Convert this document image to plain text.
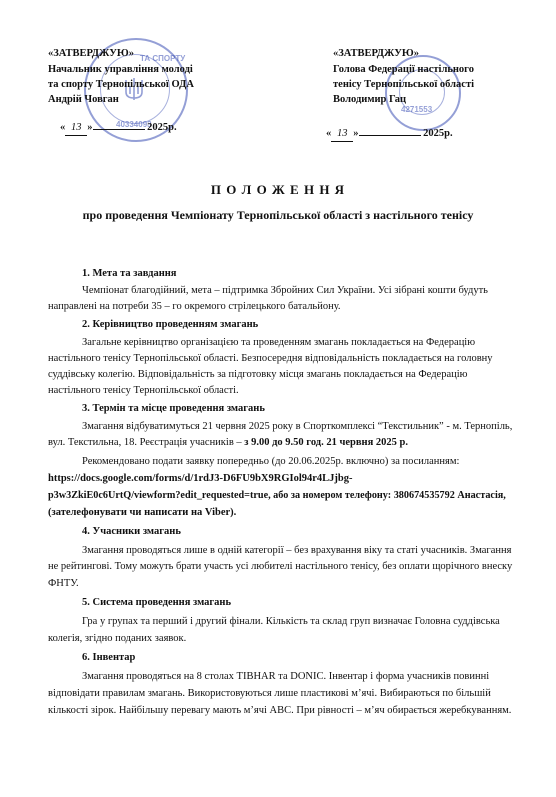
40334093
ТА СПОРТУ
4271553
«ЗАТВЕРДЖУЮ»
Начальник управління молоді
та спорту Тернопільської ОДА
Андрій Човган
« 13 »	2025р.
«ЗАТВЕРДЖУЮ»
Голова Федерації настільного
тенісу Тернопільської області
Володимир Гац
« 13 »	2025р.
П О Л О Ж Е Н Н Я
про проведення Чемпіонату Тернопільської області з настільного тенісу
1. Мета та завдання
Чемпіонат благодійний, мета – підтримка Збройних Сил України. Усі зібрані кошти будуть
направлені на потреби 35 – го окремого стрілецького батальйону.
2. Керівництво проведенням змагань
Загальне керівництво організацією та проведенням змагань покладається на Федерацію
настільного тенісу Тернопільської області. Безпосередня відповідальність покладається на головну
суддівську колегію. Відповідальність за підготовку місця змагань покладається на Федерацію
настільного тенісу Тернопільської області.
3. Термін та місце проведення змагань
Змагання відбуватимуться 21 червня 2025 року в Спорткомплексі “Текстильник” - м. Тернопіль,
вул. Текстильна, 18. Реєстрація учасників – з 9.00 до 9.50 год. 21 червня 2025 р.
Рекомендовано подати заявку попередньо (до 20.06.2025р. включно) за посиланням:
https://docs.google.com/forms/d/1rdJ3-D6FU9bX9RGIol94r4LJjbg-
p3w3ZkiE0c6UrtQ/viewform?edit_requested=true, або за номером телефону: 380674535792 Анастасія,
(зателефонувати чи написати на Viber).
4. Учасники змагань
Змагання проводяться лише в одній категорії – без врахування віку та статі учасників. Змагання
не рейтингові. Тому можуть брати участь усі любителі настільного тенісу, без оплати щорічного внеску
ФНТУ.
5. Система проведення змагань
Гра у групах та перший і другий фінали. Кількість та склад груп визначає Головна суддівська
колегія, згідно поданих заявок.
6. Інвентар
Змагання проводяться на 8 столах TIBHAR та DONIC. Інвентар і форма учасників повинні
відповідати правилам змагань. Використовуються лише пластикові м’ячі. Вибираються по більшій
кількості зірок. Найбільшу перевагу мають м’ячі АВС. При рівності – м’яч обирається жеребкуванням.
